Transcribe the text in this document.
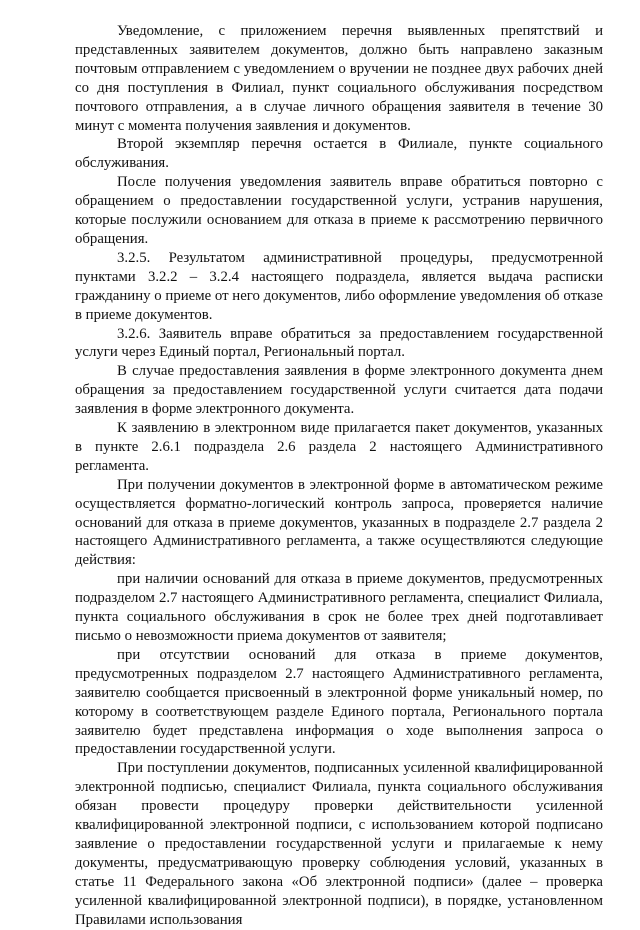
Уведомление, с приложением перечня выявленных препятствий и представленных заявителем документов, должно быть направлено заказным почтовым отправлением с уведомлением о вручении не позднее двух рабочих дней со дня поступления в Филиал, пункт социального обслуживания посредством почтового отправления, а в случае личного обращения заявителя в течение 30 минут с момента получения заявления и документов.

Второй экземпляр перечня остается в Филиале, пункте социального обслуживания.

После получения уведомления заявитель вправе обратиться повторно с обращением о предоставлении государственной услуги, устранив нарушения, которые послужили основанием для отказа в приеме к рассмотрению первичного обращения.

3.2.5. Результатом административной процедуры, предусмотренной пунктами 3.2.2 – 3.2.4 настоящего подраздела, является выдача расписки гражданину о приеме от него документов, либо оформление уведомления об отказе в приеме документов.

3.2.6. Заявитель вправе обратиться за предоставлением государственной услуги через Единый портал, Региональный портал.

В случае предоставления заявления в форме электронного документа днем обращения за предоставлением государственной услуги считается дата подачи заявления в форме электронного документа.

К заявлению в электронном виде прилагается пакет документов, указанных в пункте 2.6.1 подраздела 2.6 раздела 2 настоящего Административного регламента.

При получении документов в электронной форме в автоматическом режиме осуществляется форматно-логический контроль запроса, проверяется наличие оснований для отказа в приеме документов, указанных в подразделе 2.7 раздела 2 настоящего Административного регламента, а также осуществляются следующие действия:

при наличии оснований для отказа в приеме документов, предусмотренных подразделом 2.7 настоящего Административного регламента, специалист Филиала, пункта социального обслуживания в срок не более трех дней подготавливает письмо о невозможности приема документов от заявителя;

при отсутствии оснований для отказа в приеме документов, предусмотренных подразделом 2.7 настоящего Административного регламента, заявителю сообщается присвоенный в электронной форме уникальный номер, по которому в соответствующем разделе Единого портала, Регионального портала заявителю будет представлена информация о ходе выполнения запроса о предоставлении государственной услуги.

При поступлении документов, подписанных усиленной квалифицированной электронной подписью, специалист Филиала, пункта социального обслуживания обязан провести процедуру проверки действительности усиленной квалифицированной электронной подписи, с использованием которой подписано заявление о предоставлении государственной услуги и прилагаемые к нему документы, предусматривающую проверку соблюдения условий, указанных в статье 11 Федерального закона «Об электронной подписи» (далее – проверка усиленной квалифицированной электронной подписи), в порядке, установленном Правилами использования
